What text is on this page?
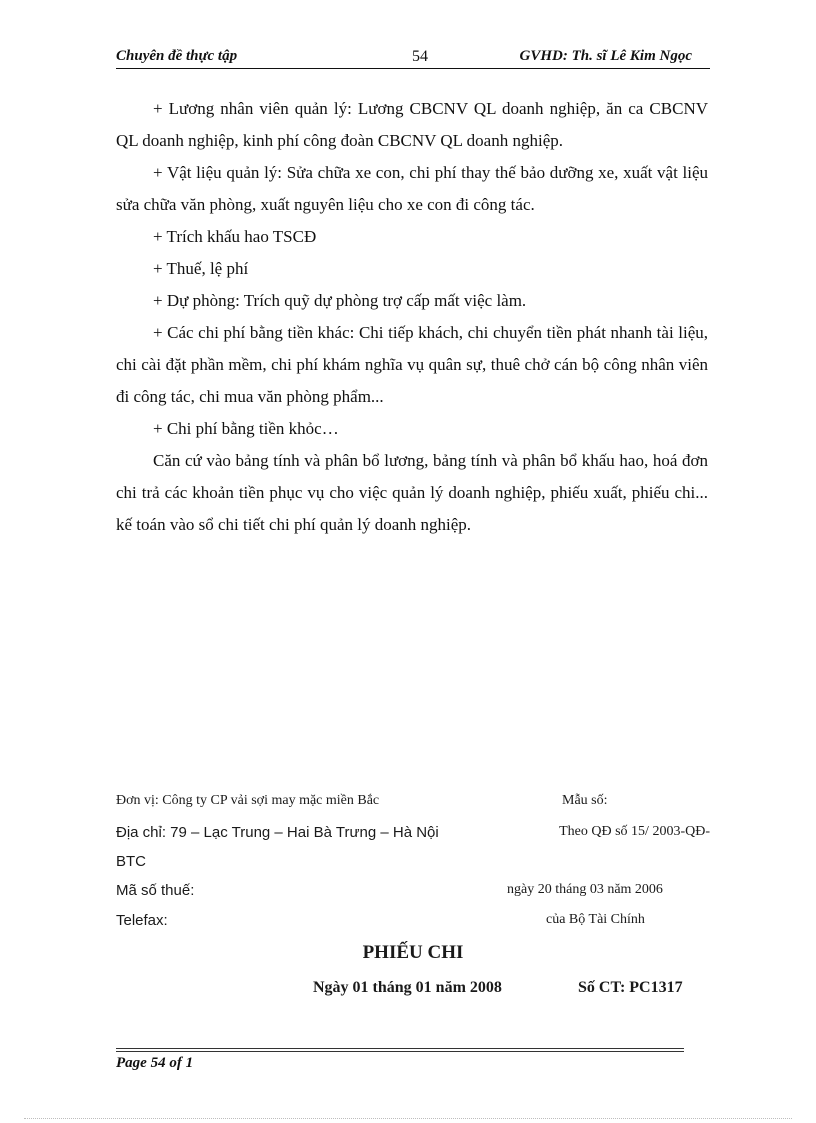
Chuyên đề thực tập	54	GVHD: Th. sĩ Lê Kim Ngọc

+ Lương nhân viên quản lý: Lương CBCNV QL doanh nghiệp, ăn ca CBCNV QL doanh nghiệp, kinh phí công đoàn CBCNV QL doanh nghiệp.

+ Vật liệu quản lý: Sửa chữa xe con, chi phí thay thế bảo dưỡng xe, xuất vật liệu sửa chữa văn phòng, xuất nguyên liệu cho xe con đi công tác.

+ Trích khấu hao TSCĐ

+ Thuế, lệ phí

+ Dự phòng: Trích quỹ dự phòng trợ cấp mất việc làm.

+ Các chi phí bằng tiền khác: Chi tiếp khách, chi chuyển tiền phát nhanh tài liệu, chi cài đặt phần mềm, chi phí khám nghĩa vụ quân sự, thuê chở cán bộ công nhân viên đi công tác, chi mua văn phòng phẩm...

+ Chi phí bằng tiền khỏc…

Căn cứ vào bảng tính và phân bổ lương, bảng tính và phân bổ khấu hao, hoá đơn chi trả các khoản tiền phục vụ cho việc quản lý doanh nghiệp, phiếu xuất, phiếu chi... kế toán vào sổ chi tiết chi phí quản lý doanh nghiệp.

Đơn vị: Công ty CP vải sợi may mặc miền Bắc	Mẫu số:
Địa chỉ: 79 – Lạc Trung – Hai Bà Trưng – Hà Nội	Theo QĐ số 15/ 2003-QĐ-
BTC
Mã số thuế:	ngày 20 tháng 03 năm 2006
Telefax:	của Bộ Tài Chính
PHIẾU CHI
Ngày 01 tháng 01 năm 2008	Số CT: PC1317
Page 54 of 1
